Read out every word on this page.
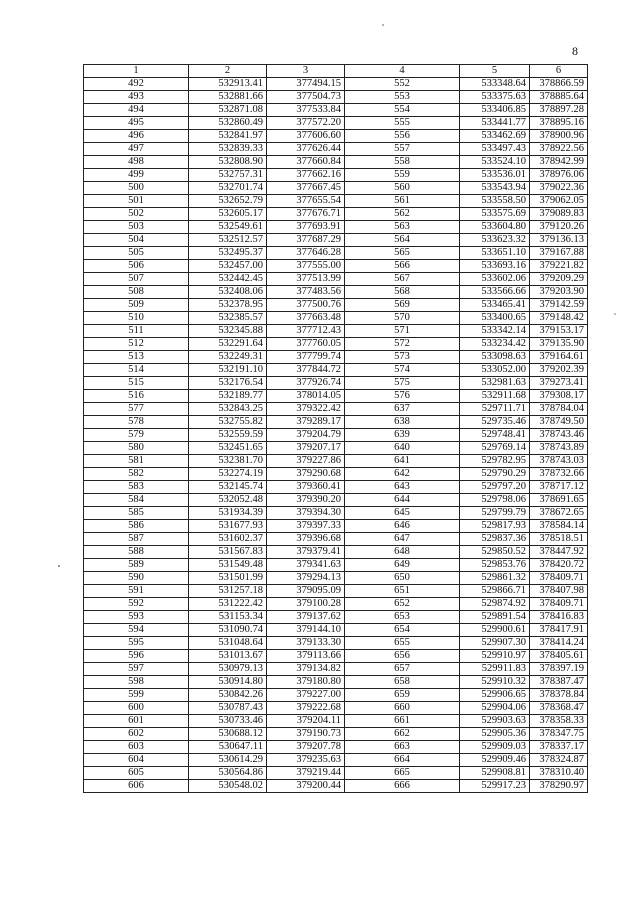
8
1	2	3	4	5	6
492	532913.41	377494.15	552	533348.64	378866.59
493	532881.66	377504.73	553	533375.63	378885.64
494	532871.08	377533.84	554	533406.85	378897.28
495	532860.49	377572.20	555	533441.77	378895.16
496	532841.97	377606.60	556	533462.69	378900.96
497	532839.33	377626.44	557	533497.43	378922.56
498	532808.90	377660.84	558	533524.10	378942.99
499	532757.31	377662.16	559	533536.01	378976.06
500	532701.74	377667.45	560	533543.94	379022.36
501	532652.79	377655.54	561	533558.50	379062.05
502	532605.17	377676.71	562	533575.69	379089.83
503	532549.61	377693.91	563	533604.80	379120.26
504	532512.57	377687.29	564	533623.32	379136.13
505	532495.37	377646.28	565	533651.10	379167.88
506	532457.00	377555.00	566	533693.16	379221.82
507	532442.45	377513.99	567	533602.06	379209.29
508	532408.06	377483.56	568	533566.66	379203.90
509	532378.95	377500.76	569	533465.41	379142.59
510	532385.57	377663.48	570	533400.65	379148.42
511	532345.88	377712.43	571	533342.14	379153.17
512	532291.64	377760.05	572	533234.42	379135.90
513	532249.31	377799.74	573	533098.63	379164.61
514	532191.10	377844.72	574	533052.00	379202.39
515	532176.54	377926.74	575	532981.63	379273.41
516	532189.77	378014.05	576	532911.68	379308.17
577	532843.25	379322.42	637	529711.71	378784.04
578	532755.82	379289.17	638	529735.46	378749.50
579	532559.59	379204.79	639	529748.41	378743.46
580	532451.65	379207.17	640	529769.14	378743.89
581	532381.70	379227.86	641	529782.95	378743.03
582	532274.19	379290.68	642	529790.29	378732.66
583	532145.74	379360.41	643	529797.20	378717.12
584	532052.48	379390.20	644	529798.06	378691.65
585	531934.39	379394.30	645	529799.79	378672.65
586	531677.93	379397.33	646	529817.93	378584.14
587	531602.37	379396.68	647	529837.36	378518.51
588	531567.83	379379.41	648	529850.52	378447.92
589	531549.48	379341.63	649	529853.76	378420.72
590	531501.99	379294.13	650	529861.32	378409.71
591	531257.18	379095.09	651	529866.71	378407.98
592	531222.42	379100.28	652	529874.92	378409.71
593	531153.34	379137.62	653	529891.54	378416.83
594	531090.74	379144.10	654	529900.61	378417.91
595	531048.64	379133.30	655	529907.30	378414.24
596	531013.67	379113.66	656	529910.97	378405.61
597	530979.13	379134.82	657	529911.83	378397.19
598	530914.80	379180.80	658	529910.32	378387.47
599	530842.26	379227.00	659	529906.65	378378.84
600	530787.43	379222.68	660	529904.06	378368.47
601	530733.46	379204.11	661	529903.63	378358.33
602	530688.12	379190.73	662	529905.36	378347.75
603	530647.11	379207.78	663	529909.03	378337.17
604	530614.29	379235.63	664	529909.46	378324.87
605	530564.86	379219.44	665	529908.81	378310.40
606	530548.02	379200.44	666	529917.23	378290.97
